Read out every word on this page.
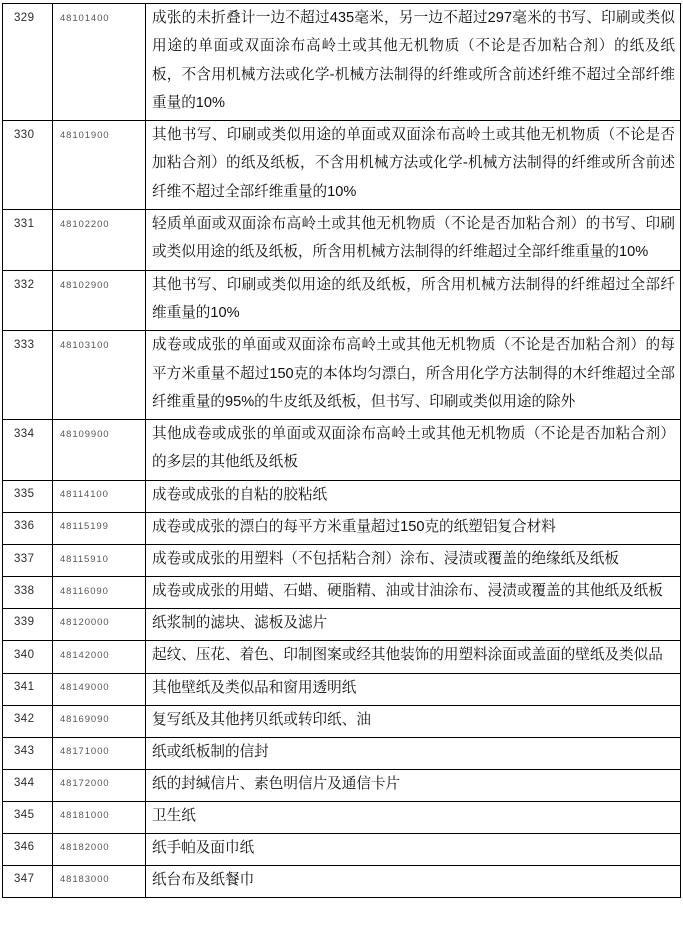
329	48101400	成张的未折叠计一边不超过435毫米，另一边不超过297毫米的书写、印刷或类似用途的单面或双面涂布高岭土或其他无机物质（不论是否加粘合剂）的纸及纸板，不含用机械方法或化学-机械方法制得的纤维或所含前述纤维不超过全部纤维重量的10%

330	48101900	其他书写、印刷或类似用途的单面或双面涂布高岭土或其他无机物质（不论是否加粘合剂）的纸及纸板，不含用机械方法或化学-机械方法制得的纤维或所含前述纤维不超过全部纤维重量的10%

331	48102200	轻质单面或双面涂布高岭土或其他无机物质（不论是否加粘合剂）的书写、印刷或类似用途的纸及纸板，所含用机械方法制得的纤维超过全部纤维重量的10%

332	48102900	其他书写、印刷或类似用途的纸及纸板，所含用机械方法制得的纤维超过全部纤维重量的10%

333	48103100	成卷或成张的单面或双面涂布高岭土或其他无机物质（不论是否加粘合剂）的每平方米重量不超过150克的本体均匀漂白，所含用化学方法制得的木纤维超过全部纤维重量的95%的牛皮纸及纸板，但书写、印刷或类似用途的除外

334	48109900	其他成卷或成张的单面或双面涂布高岭土或其他无机物质（不论是否加粘合剂）的多层的其他纸及纸板

335	48114100	成卷或成张的自粘的胶粘纸

336	48115199	成卷或成张的漂白的每平方米重量超过150克的纸塑铝复合材料

337	48115910	成卷或成张的用塑料（不包括粘合剂）涂布、浸渍或覆盖的绝缘纸及纸板

338	48116090	成卷或成张的用蜡、石蜡、硬脂精、油或甘油涂布、浸渍或覆盖的其他纸及纸板

339	48120000	纸浆制的滤块、滤板及滤片

340	48142000	起纹、压花、着色、印制图案或经其他装饰的用塑料涂面或盖面的壁纸及类似品

341	48149000	其他壁纸及类似品和窗用透明纸

342	48169090	复写纸及其他拷贝纸或转印纸、油

343	48171000	纸或纸板制的信封

344	48172000	纸的封缄信片、素色明信片及通信卡片

345	48181000	卫生纸

346	48182000	纸手帕及面巾纸

347	48183000	纸台布及纸餐巾
